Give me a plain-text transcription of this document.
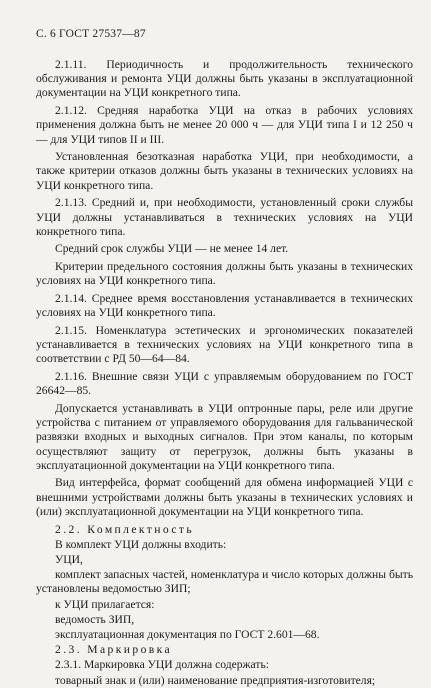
С. 6 ГОСТ 27537—87

2.1.11. Периодичность и продолжительность технического обслуживания и ремонта УЦИ должны быть указаны в эксплуатационной документации на УЦИ конкретного типа.

2.1.12. Средняя наработка УЦИ на отказ в рабочих условиях применения должна быть не менее 20 000 ч — для УЦИ типа I и 12 250 ч — для УЦИ типов II и III.

Установленная безотказная наработка УЦИ, при необходимости, а также критерии отказов должны быть указаны в технических условиях на УЦИ конкретного типа.

2.1.13. Средний и, при необходимости, установленный сроки службы УЦИ должны устанавливаться в технических условиях на УЦИ конкретного типа.

Средний срок службы УЦИ — не менее 14 лет.

Критерии предельного состояния должны быть указаны в технических условиях на УЦИ конкретного типа.

2.1.14. Среднее время восстановления устанавливается в технических условиях на УЦИ конкретного типа.

2.1.15. Номенклатура эстетических и эргономических показателей устанавливается в технических условиях на УЦИ конкретного типа в соответствии с РД 50—64—84.

2.1.16. Внешние связи УЦИ с управляемым оборудованием по ГОСТ 26642—85.

Допускается устанавливать в УЦИ оптронные пары, реле или другие устройства с питанием от управляемого оборудования для гальванической развязки входных и выходных сигналов. При этом каналы, по которым осуществляют защиту от перегрузок, должны быть указаны в эксплуатационной документации на УЦИ конкретного типа.

Вид интерфейса, формат сообщений для обмена информацией УЦИ с внешними устройствами должны быть указаны в технических условиях и (или) эксплуатационной документации на УЦИ конкретного типа.

2.2. Комплектность

В комплект УЦИ должны входить:

УЦИ,

комплект запасных частей, номенклатура и число которых должны быть установлены ведомостью ЗИП;

к УЦИ прилагается:

ведомость ЗИП,

эксплуатационная документация по ГОСТ 2.601—68.

2.3. Маркировка

2.3.1. Маркировка УЦИ должна содержать:

товарный знак и (или) наименование предприятия-изготовителя;
